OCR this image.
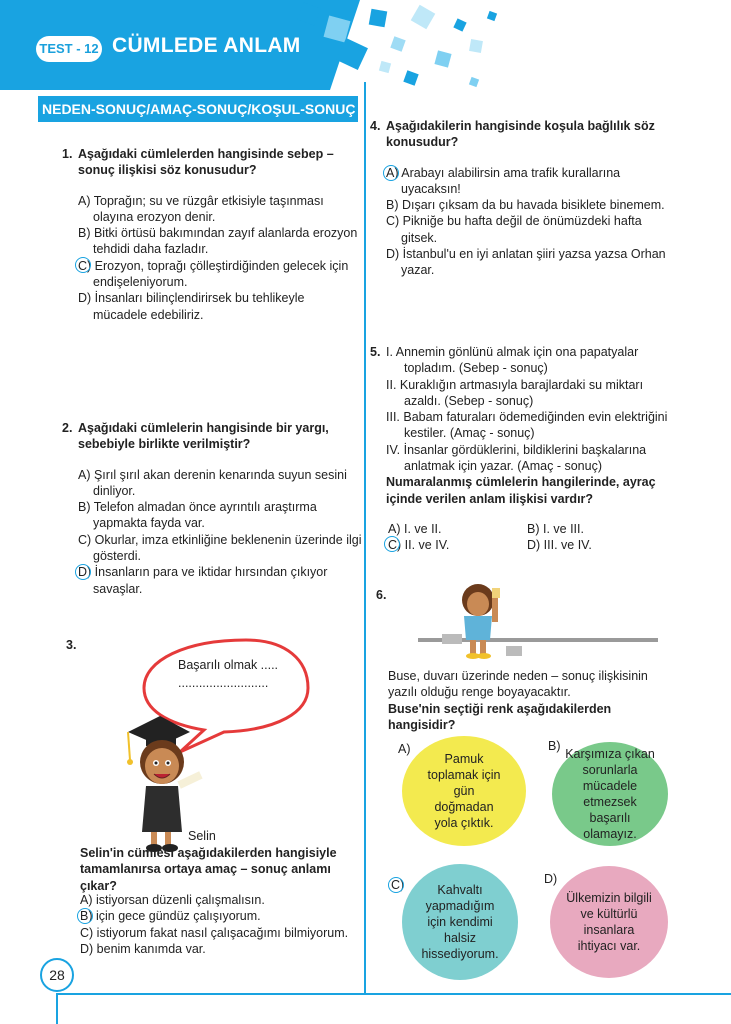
TEST - 12 CÜMLEDE ANLAM
NEDEN-SONUÇ/AMAÇ-SONUÇ/KOŞUL-SONUÇ
28
1. Aşağıdaki cümlelerden hangisinde sebep – sonuç ilişkisi söz konusudur?
A) Toprağın; su ve rüzgâr etkisiyle taşınması olayına erozyon denir.
B) Bitki örtüsü bakımından zayıf alanlarda erozyon tehdidi daha fazladır.
C) Erozyon, toprağı çölleştirdiğinden gelecek için endişeleniyorum.
D) İnsanları bilinçlendirirsek bu tehlikeyle mücadele edebiliriz.
2. Aşağıdaki cümlelerin hangisinde bir yargı, sebebiyle birlikte verilmiştir?
A) Şırıl şırıl akan derenin kenarında suyun sesini dinliyor.
B) Telefon almadan önce ayrıntılı araştırma yapmakta fayda var.
C) Okurlar, imza etkinliğine beklenenin üzerinde ilgi gösterdi.
D) İnsanların para ve iktidar hırsından çıkıyor savaşlar.
3.
Başarılı olmak .....
..........................
Selin
Selin'in cümlesi aşağıdakilerden hangisiyle tamamlanırsa ortaya amaç – sonuç anlamı çıkar?
A) istiyorsan düzenli çalışmalısın.
B) için gece gündüz çalışıyorum.
C) istiyorum fakat nasıl çalışacağımı bilmiyorum.
D) benim kanımda var.
4. Aşağıdakilerin hangisinde koşula bağlılık söz konusudur?
A) Arabayı alabilirsin ama trafik kurallarına uyacaksın!
B) Dışarı çıksam da bu havada bisiklete binemem.
C) Pikniğe bu hafta değil de önümüzdeki hafta gitsek.
D) İstanbul'u en iyi anlatan şiiri yazsa yazsa Orhan yazar.
5. I. Annemin gönlünü almak için ona papatyalar topladım. (Sebep - sonuç)
II. Kuraklığın artmasıyla barajlardaki su miktarı azaldı. (Sebep - sonuç)
III. Babam faturaları ödemediğinden evin elektriğini kestiler. (Amaç - sonuç)
IV. İnsanlar gördüklerini, bildiklerini başkalarına anlatmak için yazar. (Amaç - sonuç)
Numaralanmış cümlelerin hangilerinde, ayraç içinde verilen anlam ilişkisi vardır?
A) I. ve II.	B) I. ve III.
C) II. ve IV.	D) III. ve IV.
6.
Buse, duvarı üzerinde neden – sonuç ilişkisinin yazılı olduğu renge boyayacaktır.
Buse'nin seçtiği renk aşağıdakilerden hangisidir?
A)
Pamuk toplamak için gün doğmadan yola çıktık.
B)
Karşımıza çıkan sorunlarla mücadele etmezsek başarılı olamayız.
C)	Kahvaltı yapmadığım için kendimi halsiz hissediyorum.
D)
Ülkemizin bilgili ve kültürlü insanlara ihtiyacı var.
